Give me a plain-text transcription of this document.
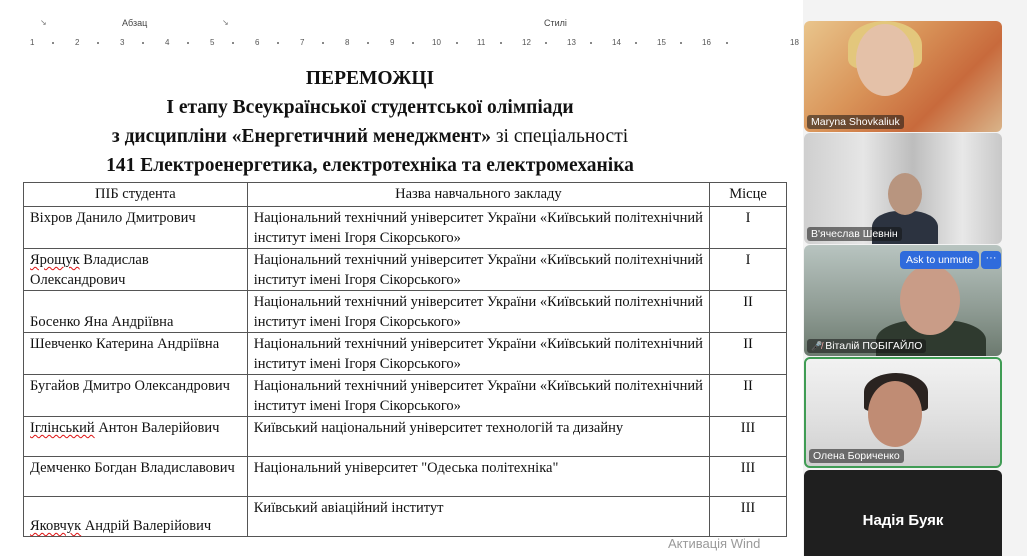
↘	Абзац	↘	Стилі
1	2	3	4	5	6	7	8	9	10	11	12	13	14	15	16	18
ПЕРЕМОЖЦІ
І етапу Всеукраїнської студентської олімпіади
з дисципліни «Енергетичний менеджмент» зі спеціальності
141 Електроенергетика, електротехніка та електромеханіка
ПІБ студента	Назва навчального закладу	Місце
Віхров Данило Дмитрович	Національний технічний університет України «Київський політехнічний інститут імені Ігоря Сікорського»	І
Ярощук Владислав Олександрович	Національний технічний університет України «Київський політехнічний інститут імені Ігоря Сікорського»	І
Босенко Яна Андріївна	Національний технічний університет України «Київський політехнічний інститут імені Ігоря Сікорського»	ІІ
Шевченко Катерина Андріївна	Національний технічний університет України «Київський політехнічний інститут імені Ігоря Сікорського»	ІІ
Бугайов Дмитро Олександрович	Національний технічний університет України «Київський політехнічний інститут імені Ігоря Сікорського»	ІІ
Іглінський Антон Валерійович	Київський національний університет технологій та дизайну	ІІІ
Демченко Богдан Владиславович	Національний університет "Одеська політехніка"	ІІІ
Яковчук Андрій Валерійович	Київський авіаційний інститут	ІІІ
Активація Wind
Maryna Shovkaliuk
В'ячеслав Шевнін
🎤̸ Віталій ПОБІГАЙЛО
Ask to unmute	···
Олена Бориченко
Надія Буяк
